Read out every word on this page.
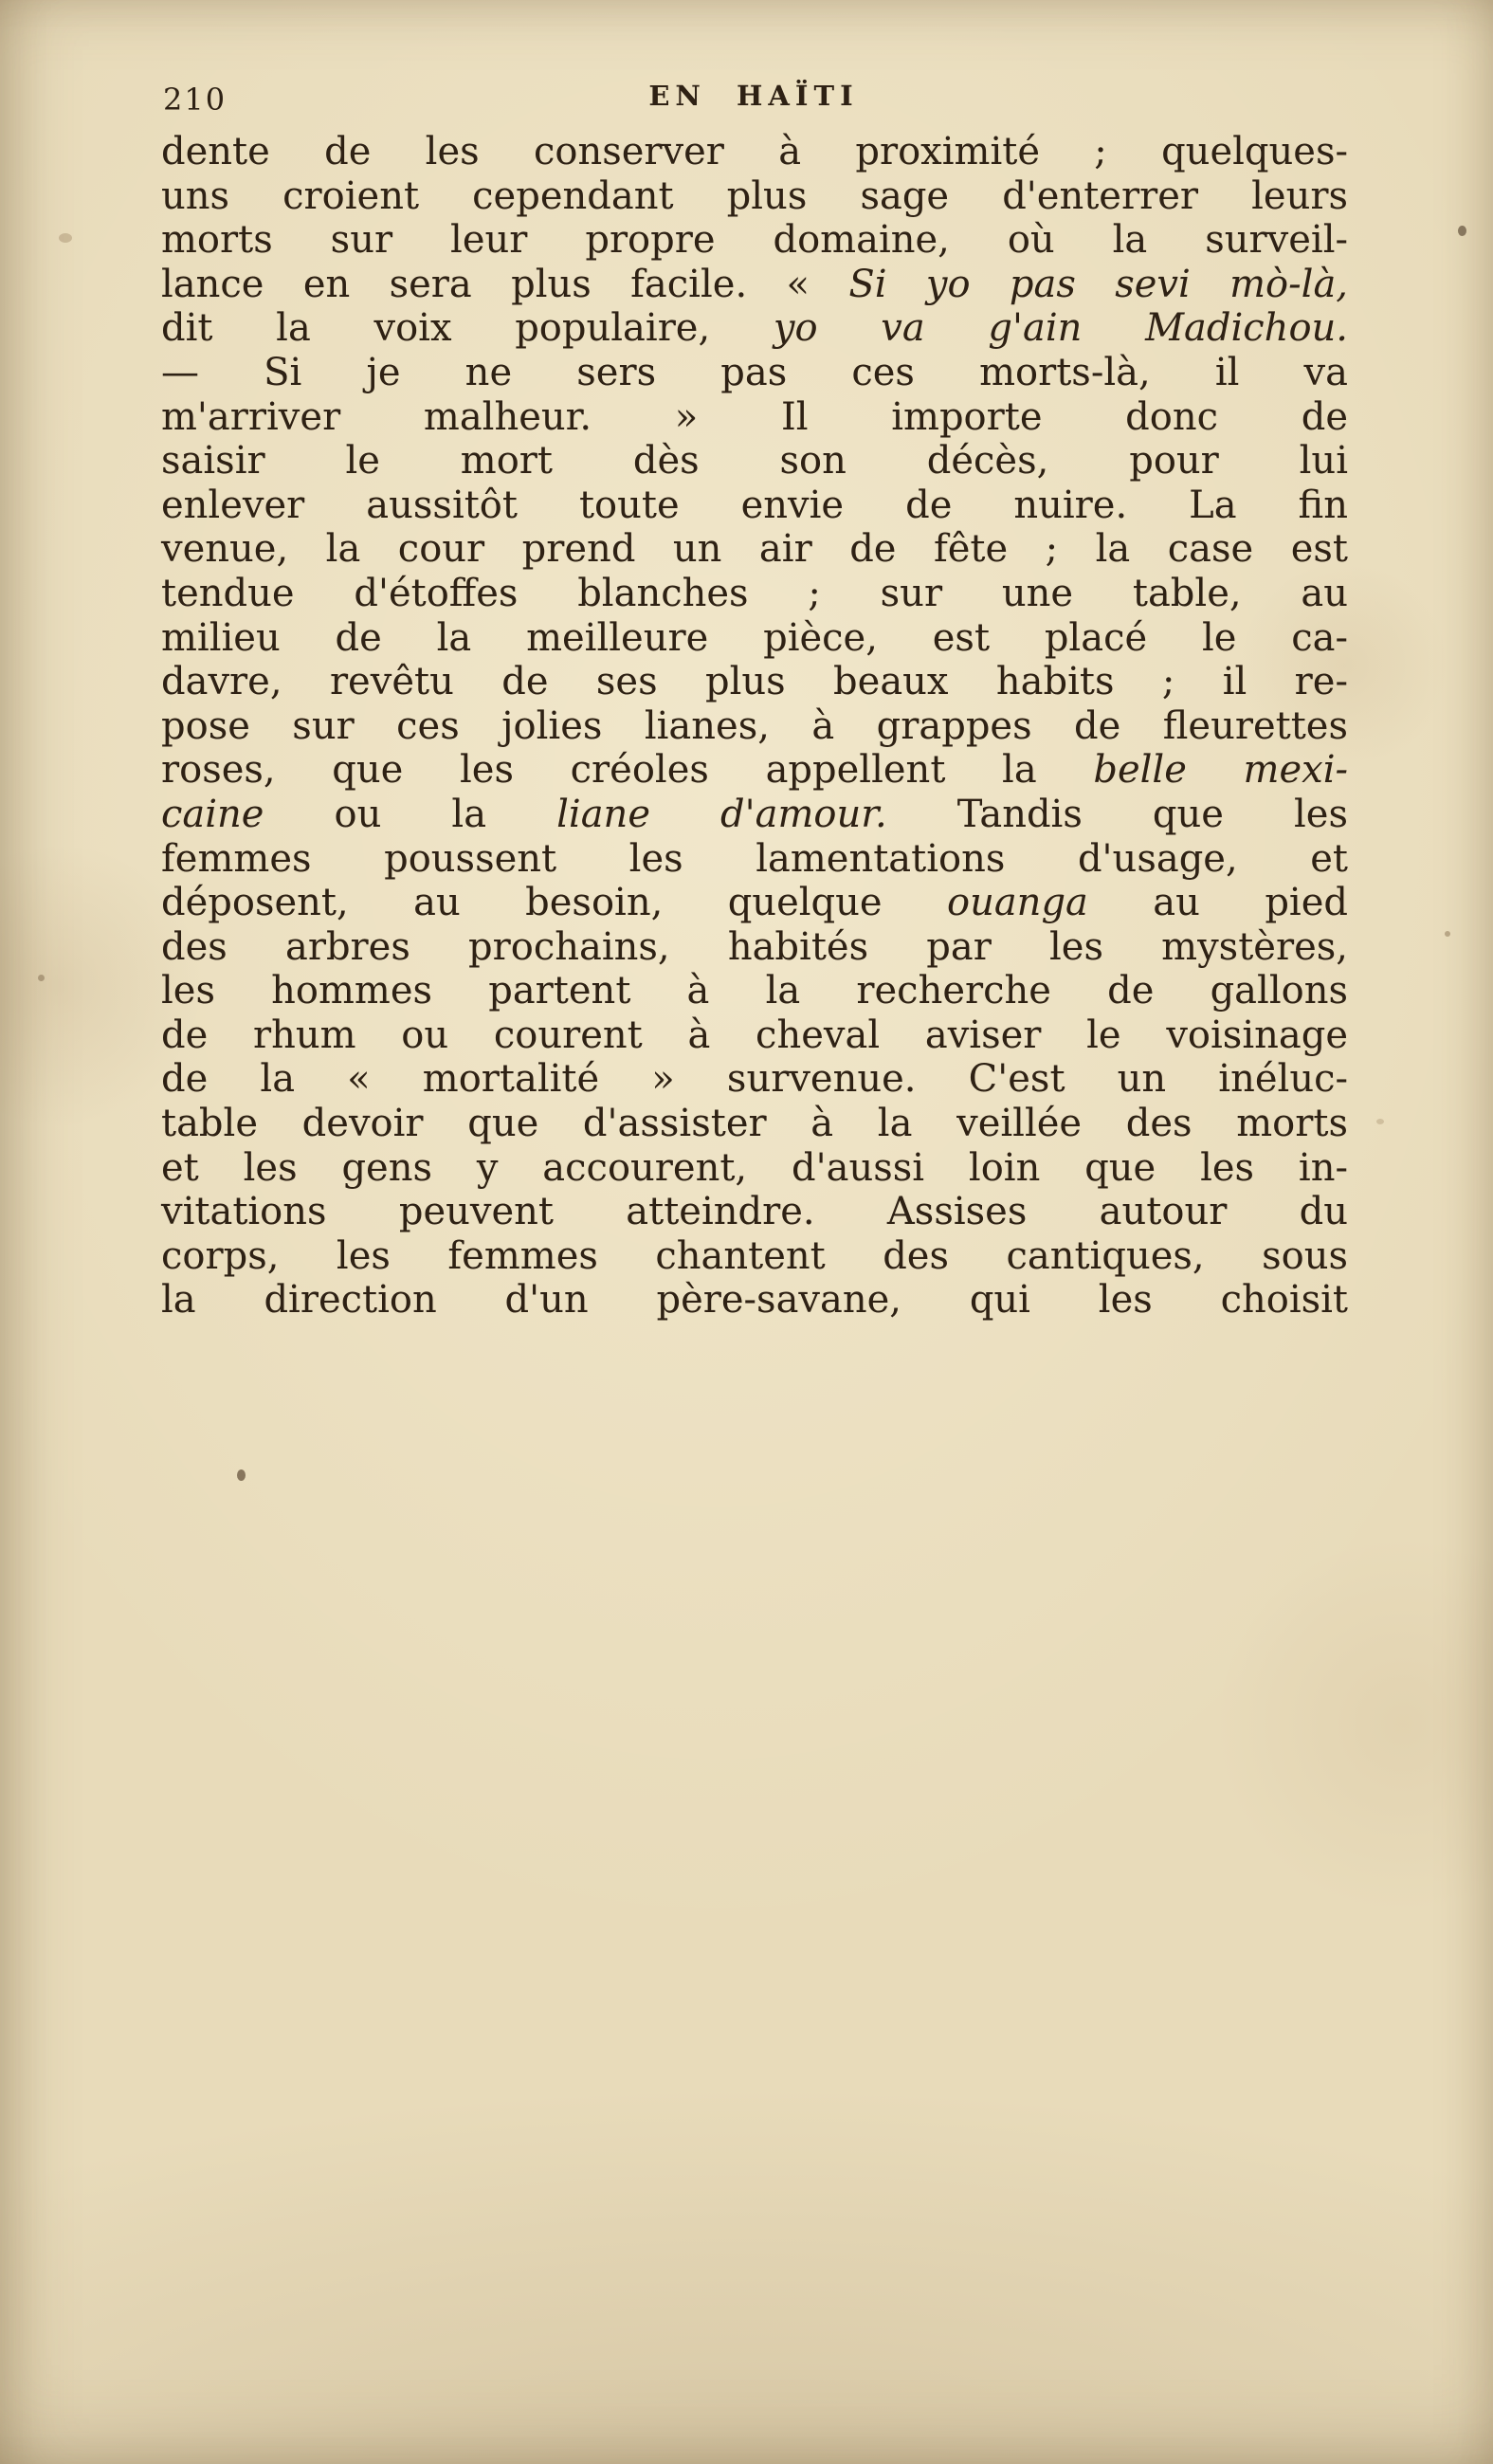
210	EN HAÏTI
dente de les conserver à proximité ; quelques-
uns croient cependant plus sage d'enterrer leurs
morts sur leur propre domaine, où la surveil-
lance en sera plus facile. « Si yo pas sevi mò-là,
dit la voix populaire, yo va g'ain Madichou.
— Si je ne sers pas ces morts-là, il va
m'arriver malheur. » Il importe donc de
saisir le mort dès son décès, pour lui
enlever aussitôt toute envie de nuire. La fin
venue, la cour prend un air de fête ; la case est
tendue d'étoffes blanches ; sur une table, au
milieu de la meilleure pièce, est placé le ca-
davre, revêtu de ses plus beaux habits ; il re-
pose sur ces jolies lianes, à grappes de fleurettes
roses, que les créoles appellent la belle mexi-
caine ou la liane d'amour. Tandis que les
femmes poussent les lamentations d'usage, et
déposent, au besoin, quelque ouanga au pied
des arbres prochains, habités par les mystères,
les hommes partent à la recherche de gallons
de rhum ou courent à cheval aviser le voisinage
de la « mortalité » survenue. C'est un inéluc-
table devoir que d'assister à la veillée des morts
et les gens y accourent, d'aussi loin que les in-
vitations peuvent atteindre. Assises autour du
corps, les femmes chantent des cantiques, sous
la direction d'un père-savane, qui les choisit
